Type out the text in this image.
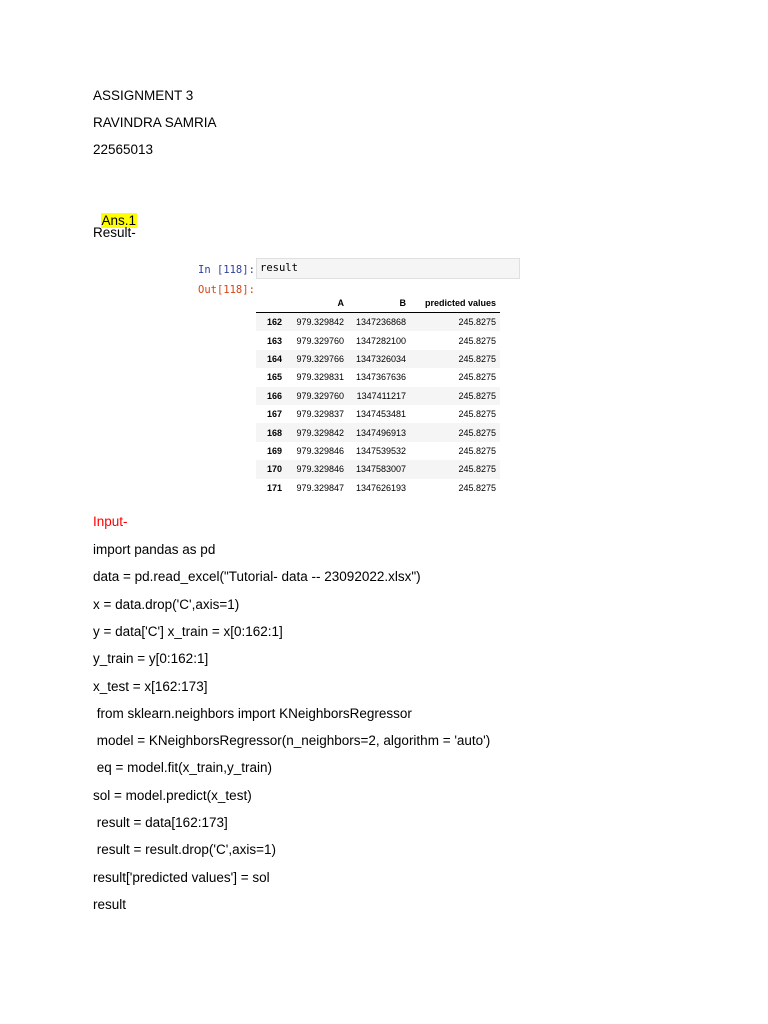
ASSIGNMENT 3
RAVINDRA SAMRIA
22565013

Ans.1

Result-
In [118]: result
Out[118]:
	A	B	predicted values
162	979.329842	1347236868	245.8275
163	979.329760	1347282100	245.8275
164	979.329766	1347326034	245.8275
165	979.329831	1347367636	245.8275
166	979.329760	1347411217	245.8275
167	979.329837	1347453481	245.8275
168	979.329842	1347496913	245.8275
169	979.329846	1347539532	245.8275
170	979.329846	1347583007	245.8275
171	979.329847	1347626193	245.8275
Input-
import pandas as pd
data = pd.read_excel("Tutorial- data -- 23092022.xlsx")
x = data.drop('C',axis=1)
y = data['C'] x_train = x[0:162:1]
y_train = y[0:162:1]
x_test = x[162:173]
from sklearn.neighbors import KNeighborsRegressor
model = KNeighborsRegressor(n_neighbors=2, algorithm = 'auto')
eq = model.fit(x_train,y_train)
sol = model.predict(x_test)
result = data[162:173]
result = result.drop('C',axis=1)
result['predicted values'] = sol
result
